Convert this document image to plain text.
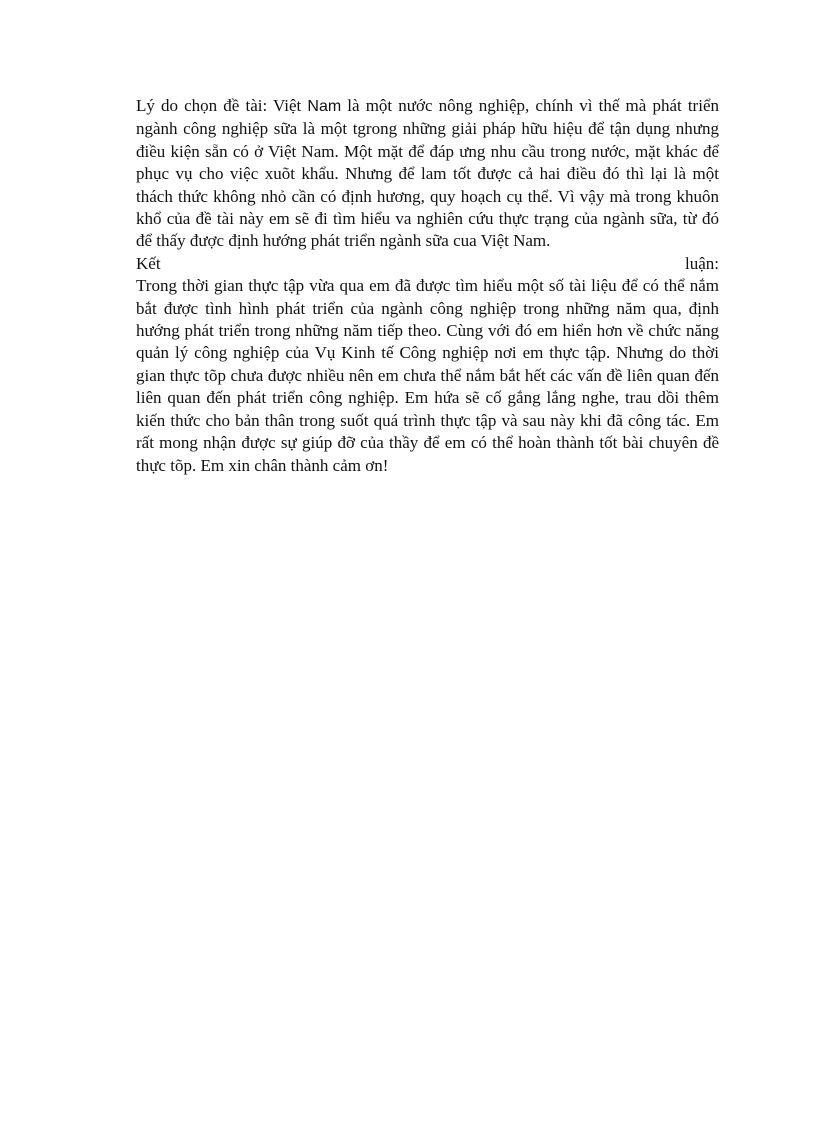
Lý do chọn đề tài: Việt Nam là một nước nông nghiệp, chính vì thế mà phát triển ngành công nghiệp sữa là một tgrong những giải pháp hữu hiệu để tận dụng nhưng điều kiện sẵn có ở Việt Nam. Một mặt để đáp ưng nhu cầu trong nước, mặt khác để phục vụ cho việc xuõt khẩu. Nhưng để lam tốt được cả hai điều đó thì lại là một thách thức không nhỏ cần có định hương, quy hoạch cụ thể. Vì vậy mà trong khuôn khổ của đề tài này em sẽ đi tìm hiểu va nghiên cứu thực trạng của ngành sữa, từ đó để thấy được định hướng phát triển ngành sữa cua Việt Nam.

Kết	luận:

Trong thời gian thực tập vừa qua em đã được tìm hiểu một số tài liệu để có thể nắm bắt được tình hình phát triển của ngành công nghiệp trong những năm qua, định hướng phát triển trong những năm tiếp theo. Cùng với đó em hiển hơn về chức năng quản lý công nghiệp của Vụ Kinh tế Công nghiệp nơi em thực tập. Nhưng do thời gian thực tõp chưa được nhiều nên em chưa thể nắm bắt hết các vấn đề liên quan đến liên quan đến phát triển công nghiệp. Em hứa sẽ cố gắng lắng nghe, trau dồi thêm kiến thức cho bản thân trong suốt quá trình thực tập và sau này khi đã công tác. Em rất mong nhận được sự giúp đỡ của thầy để em có thể hoàn thành tốt bài chuyên đề thực tõp. Em xin chân thành cảm ơn!
